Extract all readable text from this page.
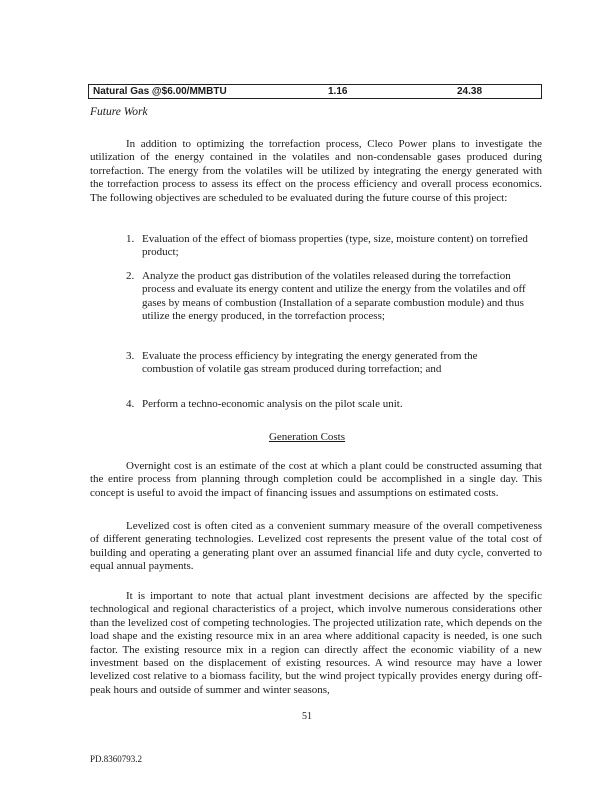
Natural Gas @$6.00/MMBTU	1.16	24.38
Future Work

In addition to optimizing the torrefaction process, Cleco Power plans to investigate the utilization of the energy contained in the volatiles and non-condensable gases produced during torrefaction. The energy from the volatiles will be utilized by integrating the energy generated with the torrefaction process to assess its effect on the process efficiency and overall process economics. The following objectives are scheduled to be evaluated during the future course of this project:

1. Evaluation of the effect of biomass properties (type, size, moisture content) on torrefied product;
2. Analyze the product gas distribution of the volatiles released during the torrefaction process and evaluate its energy content and utilize the energy from the volatiles and off gases by means of combustion (Installation of a separate combustion module) and thus utilize the energy produced, in the torrefaction process;
3. Evaluate the process efficiency by integrating the energy generated from the combustion of volatile gas stream produced during torrefaction; and
4. Perform a techno-economic analysis on the pilot scale unit.
Generation Costs

Overnight cost is an estimate of the cost at which a plant could be constructed assuming that the entire process from planning through completion could be accomplished in a single day. This concept is useful to avoid the impact of financing issues and assumptions on estimated costs.

Levelized cost is often cited as a convenient summary measure of the overall competiveness of different generating technologies. Levelized cost represents the present value of the total cost of building and operating a generating plant over an assumed financial life and duty cycle, converted to equal annual payments.

It is important to note that actual plant investment decisions are affected by the specific technological and regional characteristics of a project, which involve numerous considerations other than the levelized cost of competing technologies. The projected utilization rate, which depends on the load shape and the existing resource mix in an area where additional capacity is needed, is one such factor. The existing resource mix in a region can directly affect the economic viability of a new investment based on the displacement of existing resources. A wind resource may have a lower levelized cost relative to a biomass facility, but the wind project typically provides energy during off-peak hours and outside of summer and winter seasons,

51
PD.8360793.2
